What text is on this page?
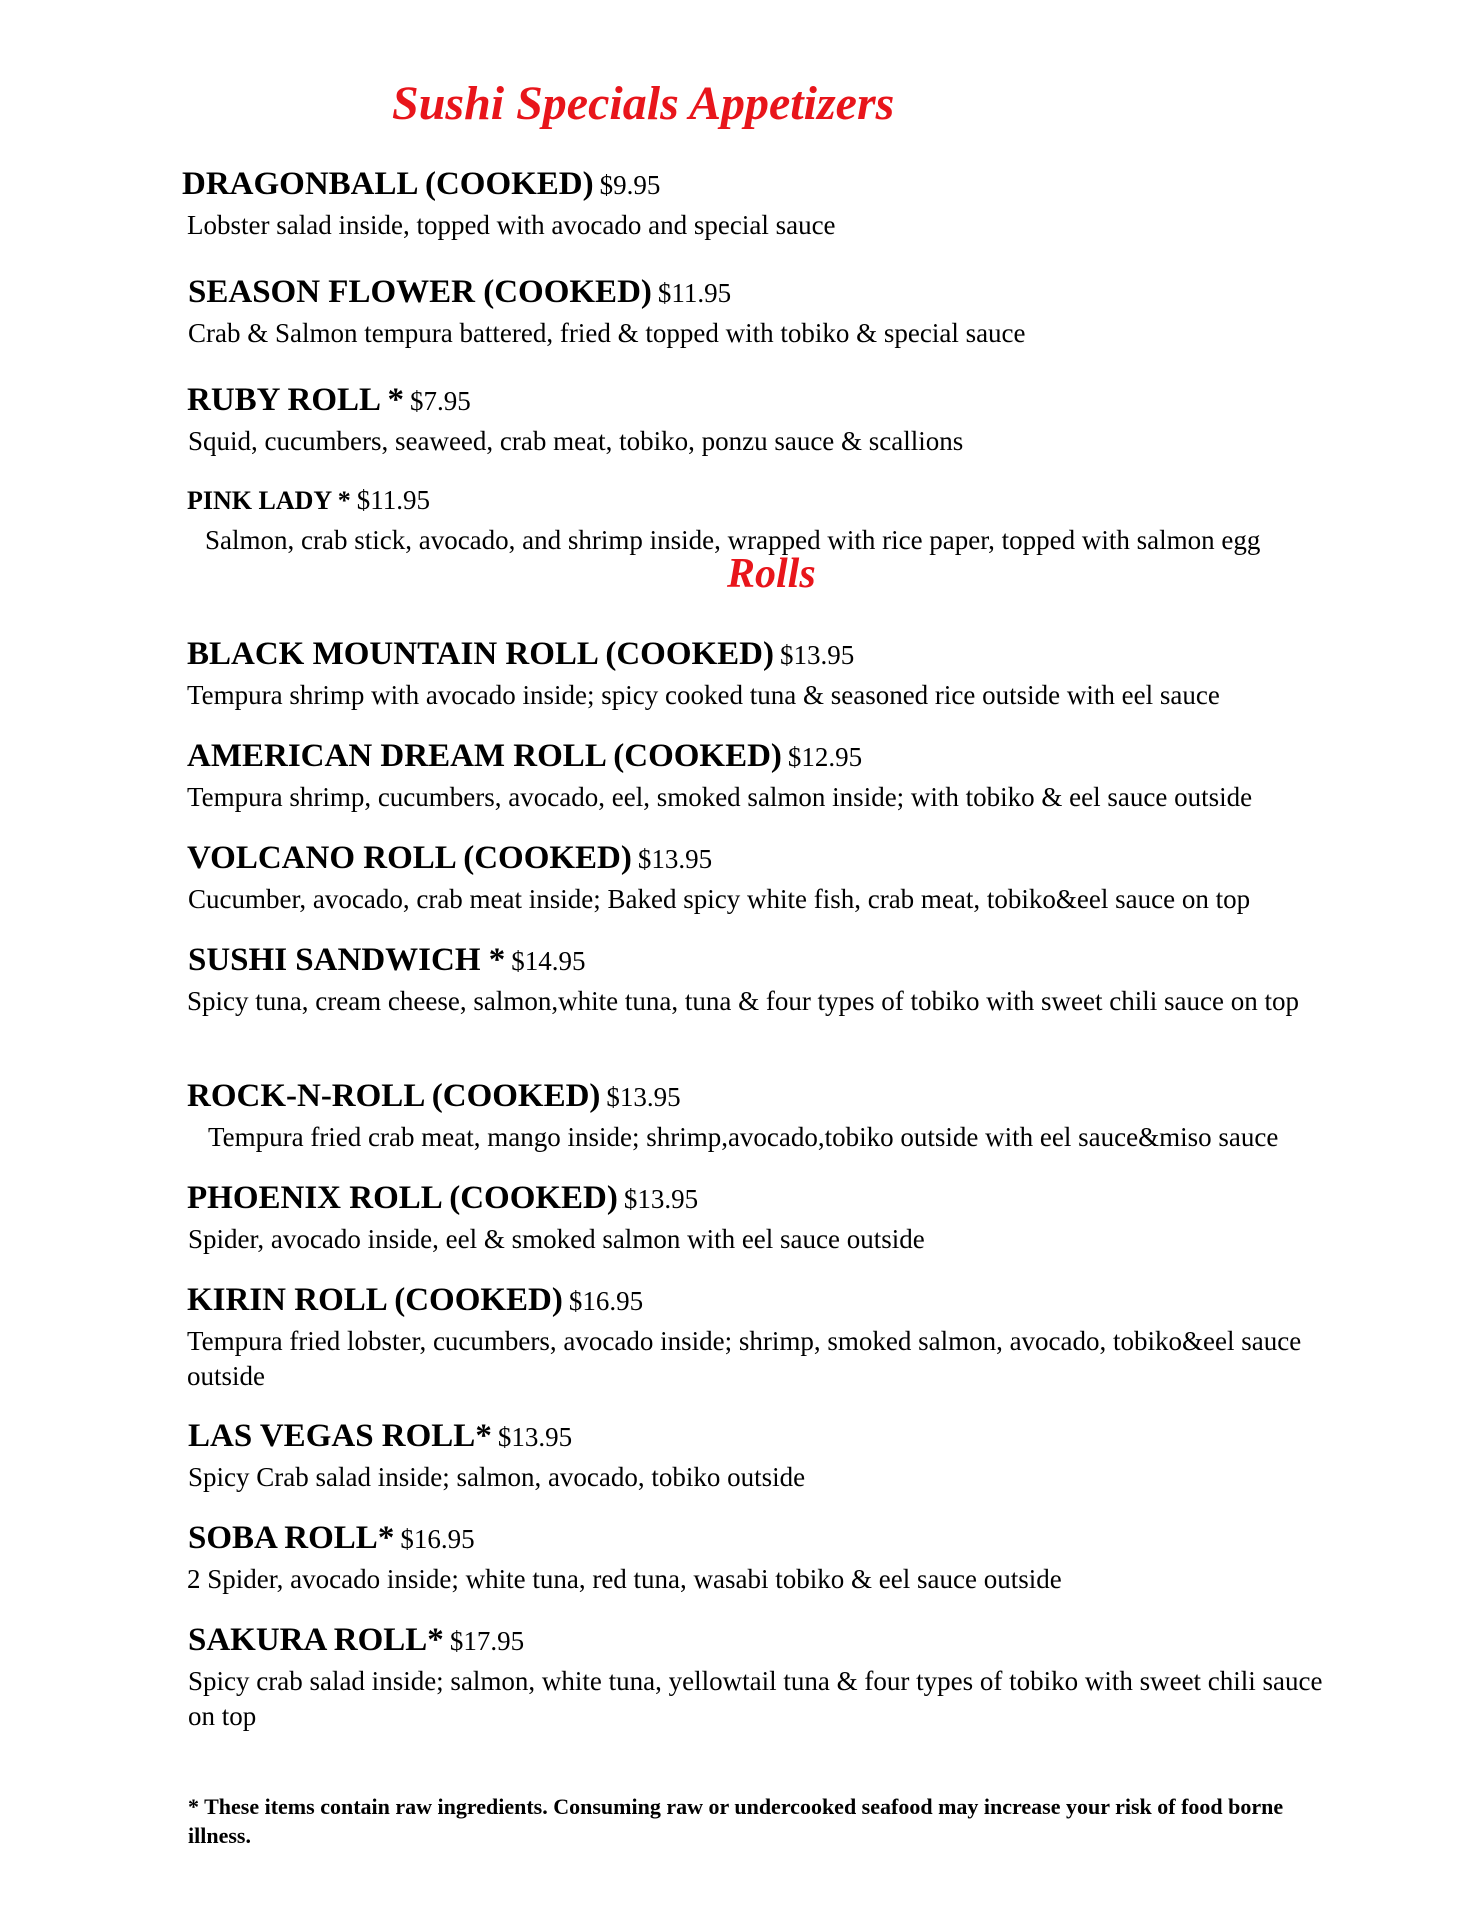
Sushi Specials Appetizers
DRAGONBALL (COOKED) $9.95
Lobster salad inside, topped with avocado and special sauce
SEASON FLOWER (COOKED) $11.95
Crab & Salmon tempura battered, fried & topped with tobiko & special sauce
RUBY ROLL * $7.95
Squid, cucumbers, seaweed, crab meat, tobiko, ponzu sauce & scallions
PINK LADY * $11.95
Salmon, crab stick, avocado, and shrimp inside, wrapped with rice paper, topped with salmon egg
Rolls
BLACK MOUNTAIN ROLL (COOKED) $13.95
Tempura shrimp with avocado inside; spicy cooked tuna & seasoned rice outside with eel sauce
AMERICAN DREAM ROLL (COOKED) $12.95
Tempura shrimp, cucumbers, avocado, eel, smoked salmon inside; with tobiko & eel sauce outside
VOLCANO ROLL (COOKED) $13.95
Cucumber, avocado, crab meat inside; Baked spicy white fish, crab meat, tobiko&eel sauce on top
SUSHI SANDWICH * $14.95
Spicy tuna, cream cheese, salmon,white tuna, tuna & four types of tobiko with sweet chili sauce on top
ROCK-N-ROLL (COOKED) $13.95
Tempura fried crab meat, mango inside; shrimp,avocado,tobiko outside with eel sauce&miso sauce
PHOENIX ROLL (COOKED) $13.95
Spider, avocado inside, eel & smoked salmon with eel sauce outside
KIRIN ROLL (COOKED) $16.95
Tempura fried lobster, cucumbers, avocado inside; shrimp, smoked salmon, avocado, tobiko&eel sauce outside
LAS VEGAS ROLL* $13.95
Spicy Crab salad inside; salmon, avocado, tobiko outside
SOBA ROLL* $16.95
2 Spider, avocado inside; white tuna, red tuna, wasabi tobiko & eel sauce outside
SAKURA ROLL* $17.95
Spicy crab salad inside; salmon, white tuna, yellowtail tuna & four types of tobiko with sweet chili sauce on top
* These items contain raw ingredients. Consuming raw or undercooked seafood may increase your risk of food borne illness.
